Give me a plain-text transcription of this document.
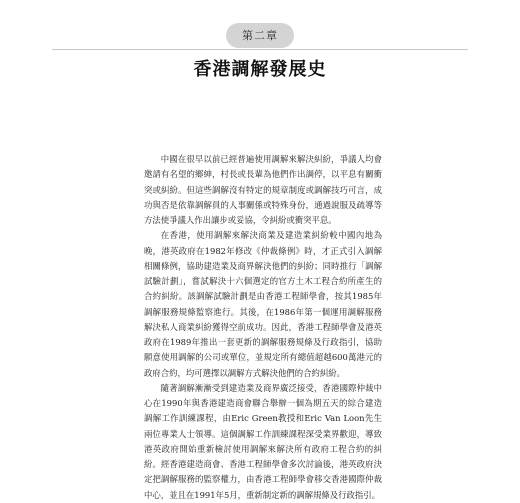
第二章
香港調解發展史

中國在很早以前已經普遍使用調解來解決糾紛，爭議人均會邀請有名望的鄉紳，村長或長輩為他們作出調停，以平息有關衝突或糾紛。但這些調解沒有特定的規章制度或調解技巧可言，成功與否是依靠調解員的人事關係或特殊身份，通過說服及疏導等方法使爭議人作出讓步或妥協，令糾紛或衝突平息。

在香港，使用調解來解決商業及建造業糾紛較中國內地為晚，港英政府在1982年修改《仲裁條例》時，才正式引入調解相關條例，協助建造業及商界解決他們的糾紛；同時推行「調解試驗計劃」，嘗試解決十六個選定的官方土木工程合約所產生的合約糾紛。該調解試驗計劃是由香港工程師學會，按其1985年調解服務規條監察進行。其後，在1986年第一個運用調解服務解決私人商業糾紛獲得空前成功。因此，香港工程師學會及港英政府在1989年推出一套更新的調解服務規條及行政指引，協助願意使用調解的公司或單位，並規定所有總值超越600萬港元的政府合約，均可選擇以調解方式解決他們的合約糾紛。

隨著調解漸漸受到建造業及商界廣泛接受，香港國際仲裁中心在1990年與香港建造商會聯合舉辦一個為期五天的綜合建造調解工作訓練課程，由Eric Green教授和Eric Van Loon先生兩位專業人士領導。這個調解工作訓練課程深受業界歡迎，導致港英政府開始重新檢討使用調解來解決所有政府工程合約的糾紛。經香港建造商會、香港工程師學會多次討論後，港英政府決定把調解服務的監察權力，由香港工程師學會移交香港國際仲裁中心，並且在1991年5月，重新制定新的調解規條及行政指引。
